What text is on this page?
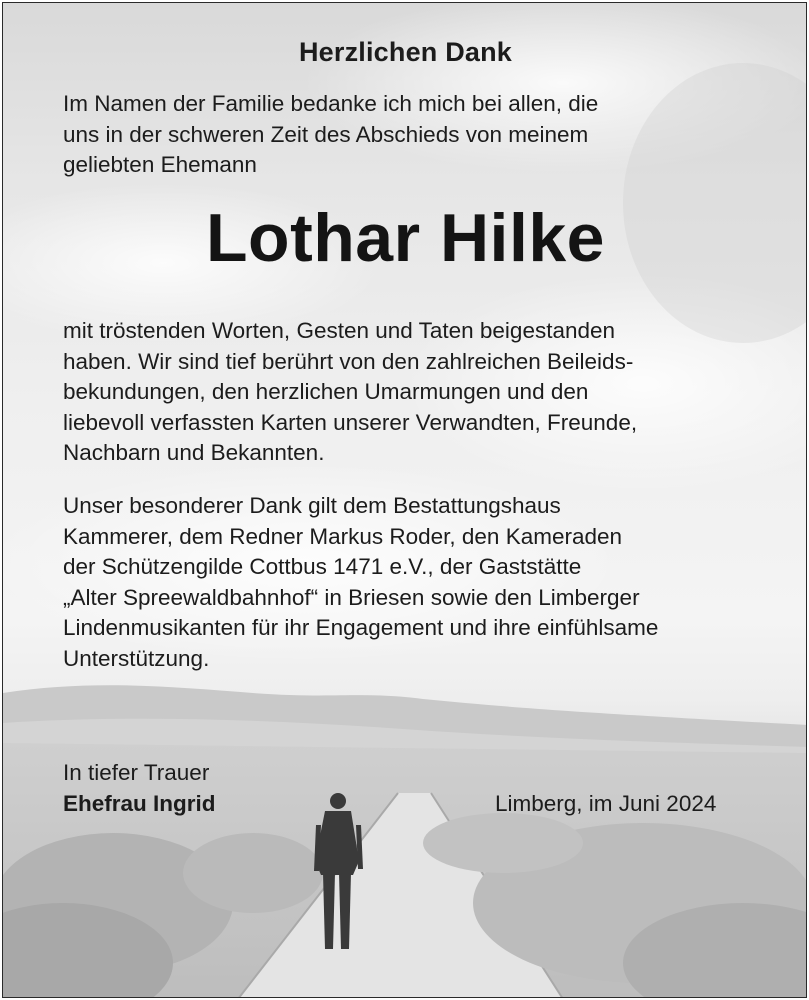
Herzlichen Dank

Im Namen der Familie bedanke ich mich bei allen, die
uns in der schweren Zeit des Abschieds von meinem
geliebten Ehemann

Lothar Hilke

mit tröstenden Worten, Gesten und Taten beigestanden
haben. Wir sind tief berührt von den zahlreichen Beileids-
bekundungen, den herzlichen Umarmungen und den
liebevoll verfassten Karten unserer Verwandten, Freunde,
Nachbarn und Bekannten.

Unser besonderer Dank gilt dem Bestattungshaus
Kammerer, dem Redner Markus Roder, den Kameraden
der Schützengilde Cottbus 1471 e.V., der Gaststätte
„Alter Spreewaldbahnhof“ in Briesen sowie den Limberger
Lindenmusikanten für ihr Engagement und ihre einfühlsame
Unterstützung.

In tiefer Trauer
Ehefrau Ingrid	Limberg, im Juni 2024
